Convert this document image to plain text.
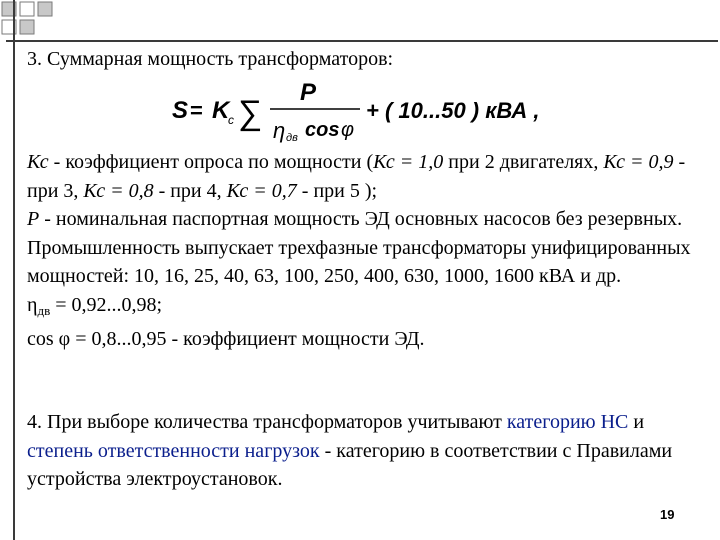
3. Суммарная мощность трансформаторов:
S = K
с ∑
P
η дв cos φ
+ ( 10...50 ) кВА ,

Кс - коэффициент опроса по мощности (Кс = 1,0 при 2 двигателях, Кс = 0,9 - при 3, Кс = 0,8 - при 4, Кс = 0,7 - при 5 );

Р - номинальная паспортная мощность ЭД основных насосов без резервных. Промышленность выпускает трехфазные трансформаторы унифицированных мощностей: 10, 16, 25, 40, 63, 100, 250, 400, 630, 1000, 1600 кВА и др.

$\eta_{дв} = 0,92...0,98$;

cos φ = 0,8...0,95 - коэффициент мощности ЭД.

4. При выборе количества трансформаторов учитывают категорию НС и степень ответственности нагрузок - категорию в соответствии с Правилами устройства электроустановок.

19
